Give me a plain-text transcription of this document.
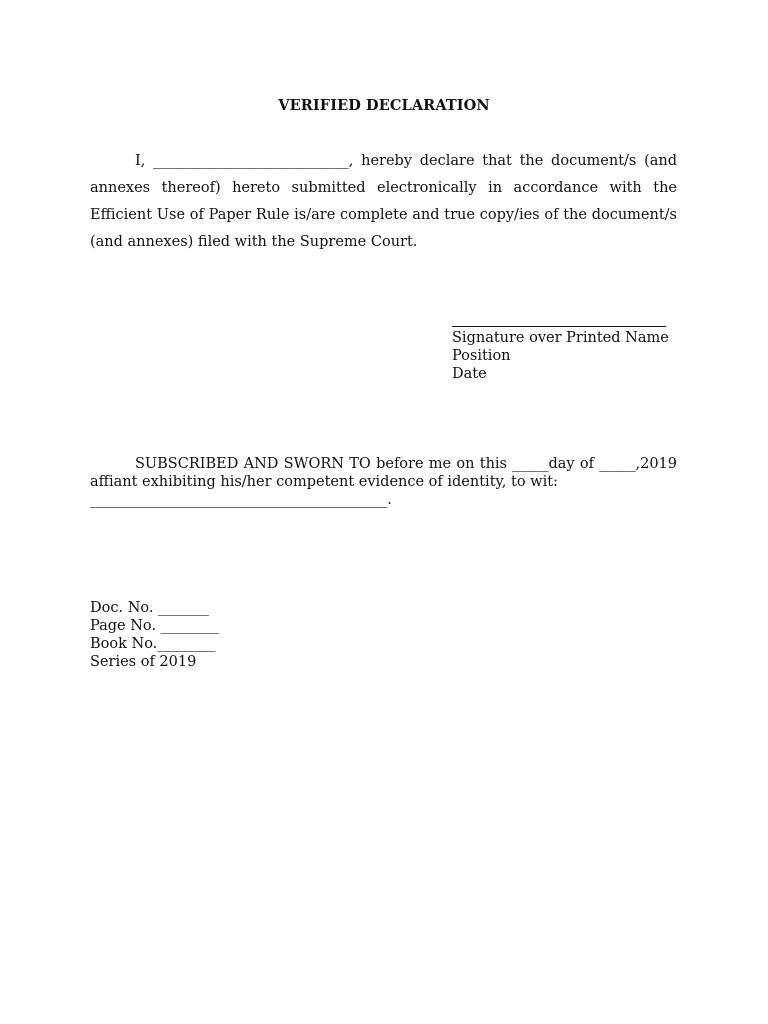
VERIFIED DECLARATION

I, ___________________________, hereby declare that the document/s (and annexes thereof) hereto submitted electronically in accordance with the Efficient Use of Paper Rule is/are complete and true copy/ies of the document/s (and annexes) filed with the Supreme Court.

Signature over Printed Name
Position
Date

SUBSCRIBED AND SWORN TO before me on this _____day of _____,2019 affiant exhibiting his/her competent evidence of identity, to wit:
_________________________________________.

Doc. No. _______
Page No. ________
Book No.________
Series of 2019
